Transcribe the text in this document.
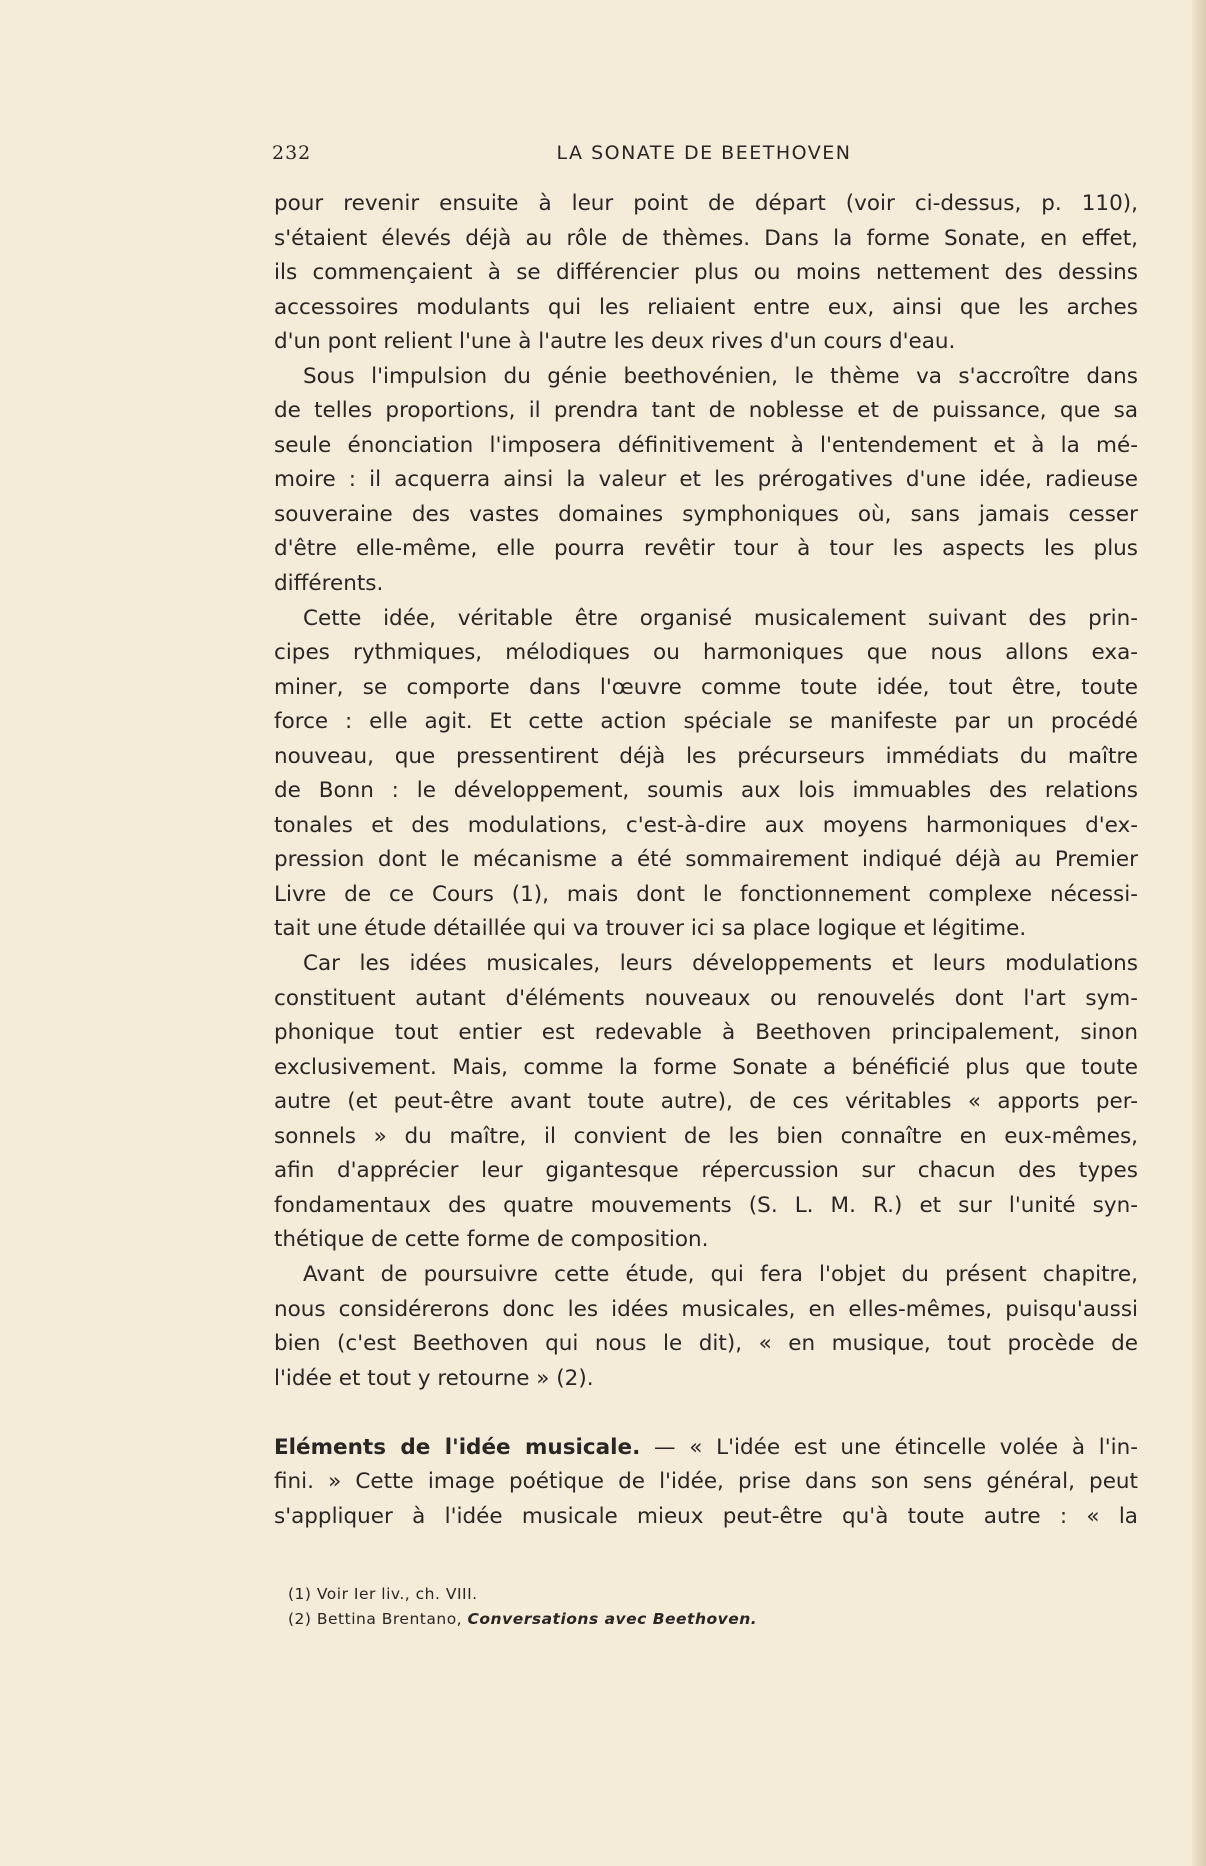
232	LA SONATE DE BEETHOVEN
pour revenir ensuite à leur point de départ (voir ci-dessus, p. 110),
s'étaient élevés déjà au rôle de thèmes. Dans la forme Sonate, en effet,
ils commençaient à se différencier plus ou moins nettement des dessins
accessoires modulants qui les reliaient entre eux, ainsi que les arches
d'un pont relient l'une à l'autre les deux rives d'un cours d'eau.
Sous l'impulsion du génie beethovénien, le thème va s'accroître dans
de telles proportions, il prendra tant de noblesse et de puissance, que sa
seule énonciation l'imposera définitivement à l'entendement et à la mé-
moire : il acquerra ainsi la valeur et les prérogatives d'une idée, radieuse
souveraine des vastes domaines symphoniques où, sans jamais cesser
d'être elle-même, elle pourra revêtir tour à tour les aspects les plus
différents.
Cette idée, véritable être organisé musicalement suivant des prin-
cipes rythmiques, mélodiques ou harmoniques que nous allons exa-
miner, se comporte dans l'œuvre comme toute idée, tout être, toute
force : elle agit. Et cette action spéciale se manifeste par un procédé
nouveau, que pressentirent déjà les précurseurs immédiats du maître
de Bonn : le développement, soumis aux lois immuables des relations
tonales et des modulations, c'est-à-dire aux moyens harmoniques d'ex-
pression dont le mécanisme a été sommairement indiqué déjà au Premier
Livre de ce Cours (1), mais dont le fonctionnement complexe nécessi-
tait une étude détaillée qui va trouver ici sa place logique et légitime.
Car les idées musicales, leurs développements et leurs modulations
constituent autant d'éléments nouveaux ou renouvelés dont l'art sym-
phonique tout entier est redevable à Beethoven principalement, sinon
exclusivement. Mais, comme la forme Sonate a bénéficié plus que toute
autre (et peut-être avant toute autre), de ces véritables « apports per-
sonnels » du maître, il convient de les bien connaître en eux-mêmes,
afin d'apprécier leur gigantesque répercussion sur chacun des types
fondamentaux des quatre mouvements (S. L. M. R.) et sur l'unité syn-
thétique de cette forme de composition.
Avant de poursuivre cette étude, qui fera l'objet du présent chapitre,
nous considérerons donc les idées musicales, en elles-mêmes, puisqu'aussi
bien (c'est Beethoven qui nous le dit), « en musique, tout procède de
l'idée et tout y retourne » (2).
Eléments de l'idée musicale. — « L'idée est une étincelle volée à l'in-
fini. » Cette image poétique de l'idée, prise dans son sens général, peut
s'appliquer à l'idée musicale mieux peut-être qu'à toute autre : « la
(1) Voir Ier liv., ch. VIII.
(2) Bettina Brentano, Conversations avec Beethoven.
